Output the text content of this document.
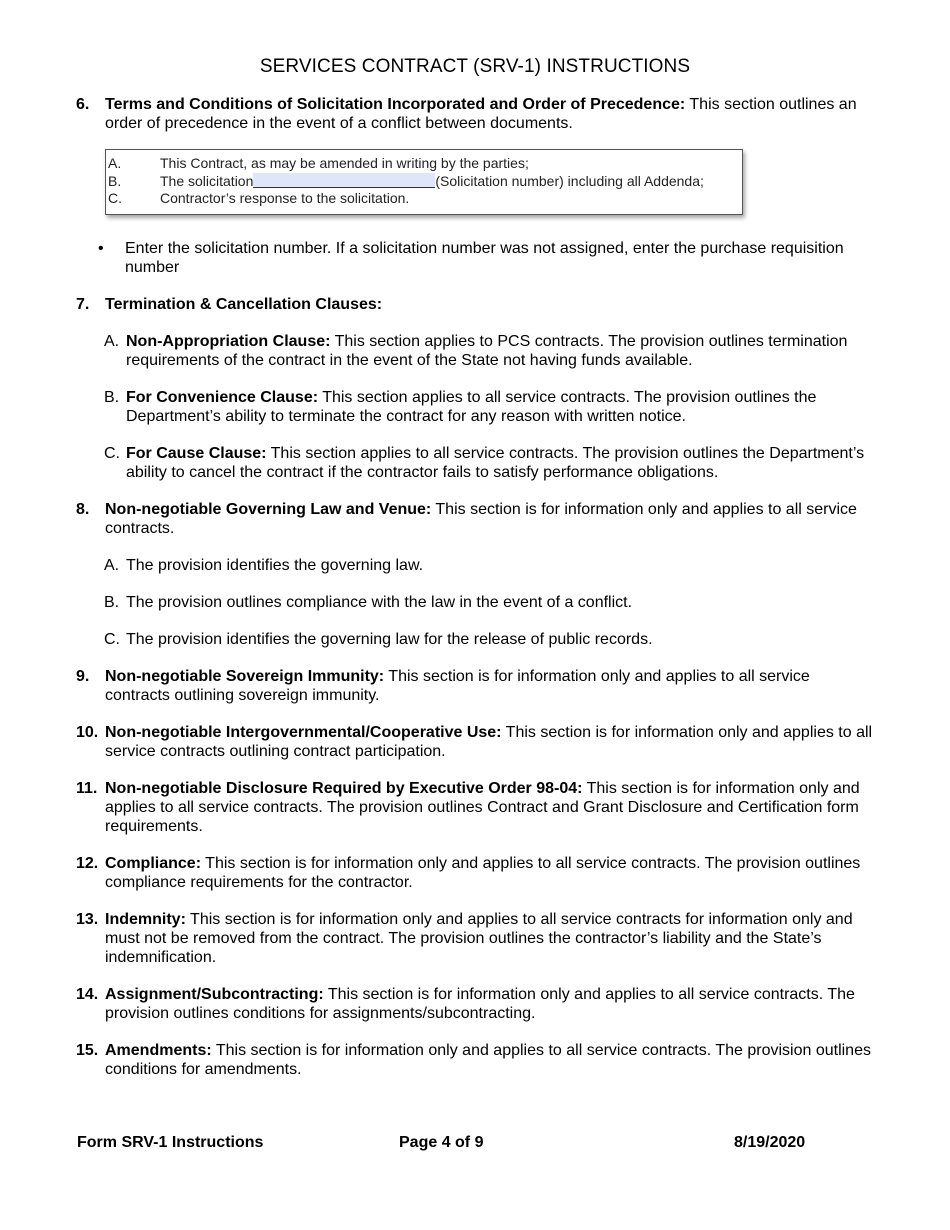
SERVICES CONTRACT (SRV-1) INSTRUCTIONS
6. Terms and Conditions of Solicitation Incorporated and Order of Precedence: This section outlines an order of precedence in the event of a conflict between documents.
A.	This Contract, as may be amended in writing by the parties;
B.	The solicitation	(Solicitation number) including all Addenda;
C.	Contractor’s response to the solicitation.
• Enter the solicitation number. If a solicitation number was not assigned, enter the purchase requisition number
7. Termination & Cancellation Clauses:
A. Non-Appropriation Clause: This section applies to PCS contracts. The provision outlines termination requirements of the contract in the event of the State not having funds available.
B. For Convenience Clause: This section applies to all service contracts. The provision outlines the Department’s ability to terminate the contract for any reason with written notice.
C. For Cause Clause: This section applies to all service contracts. The provision outlines the Department’s ability to cancel the contract if the contractor fails to satisfy performance obligations.
8. Non-negotiable Governing Law and Venue: This section is for information only and applies to all service contracts.
A. The provision identifies the governing law.
B. The provision outlines compliance with the law in the event of a conflict.
C. The provision identifies the governing law for the release of public records.
9. Non-negotiable Sovereign Immunity: This section is for information only and applies to all service contracts outlining sovereign immunity.
10. Non-negotiable Intergovernmental/Cooperative Use: This section is for information only and applies to all service contracts outlining contract participation.
11. Non-negotiable Disclosure Required by Executive Order 98-04: This section is for information only and applies to all service contracts. The provision outlines Contract and Grant Disclosure and Certification form requirements.
12. Compliance: This section is for information only and applies to all service contracts. The provision outlines compliance requirements for the contractor.
13. Indemnity: This section is for information only and applies to all service contracts for information only and must not be removed from the contract. The provision outlines the contractor’s liability and the State’s indemnification.
14. Assignment/Subcontracting: This section is for information only and applies to all service contracts. The provision outlines conditions for assignments/subcontracting.
15. Amendments: This section is for information only and applies to all service contracts. The provision outlines conditions for amendments.
Form SRV-1 Instructions	Page 4 of 9	8/19/2020
